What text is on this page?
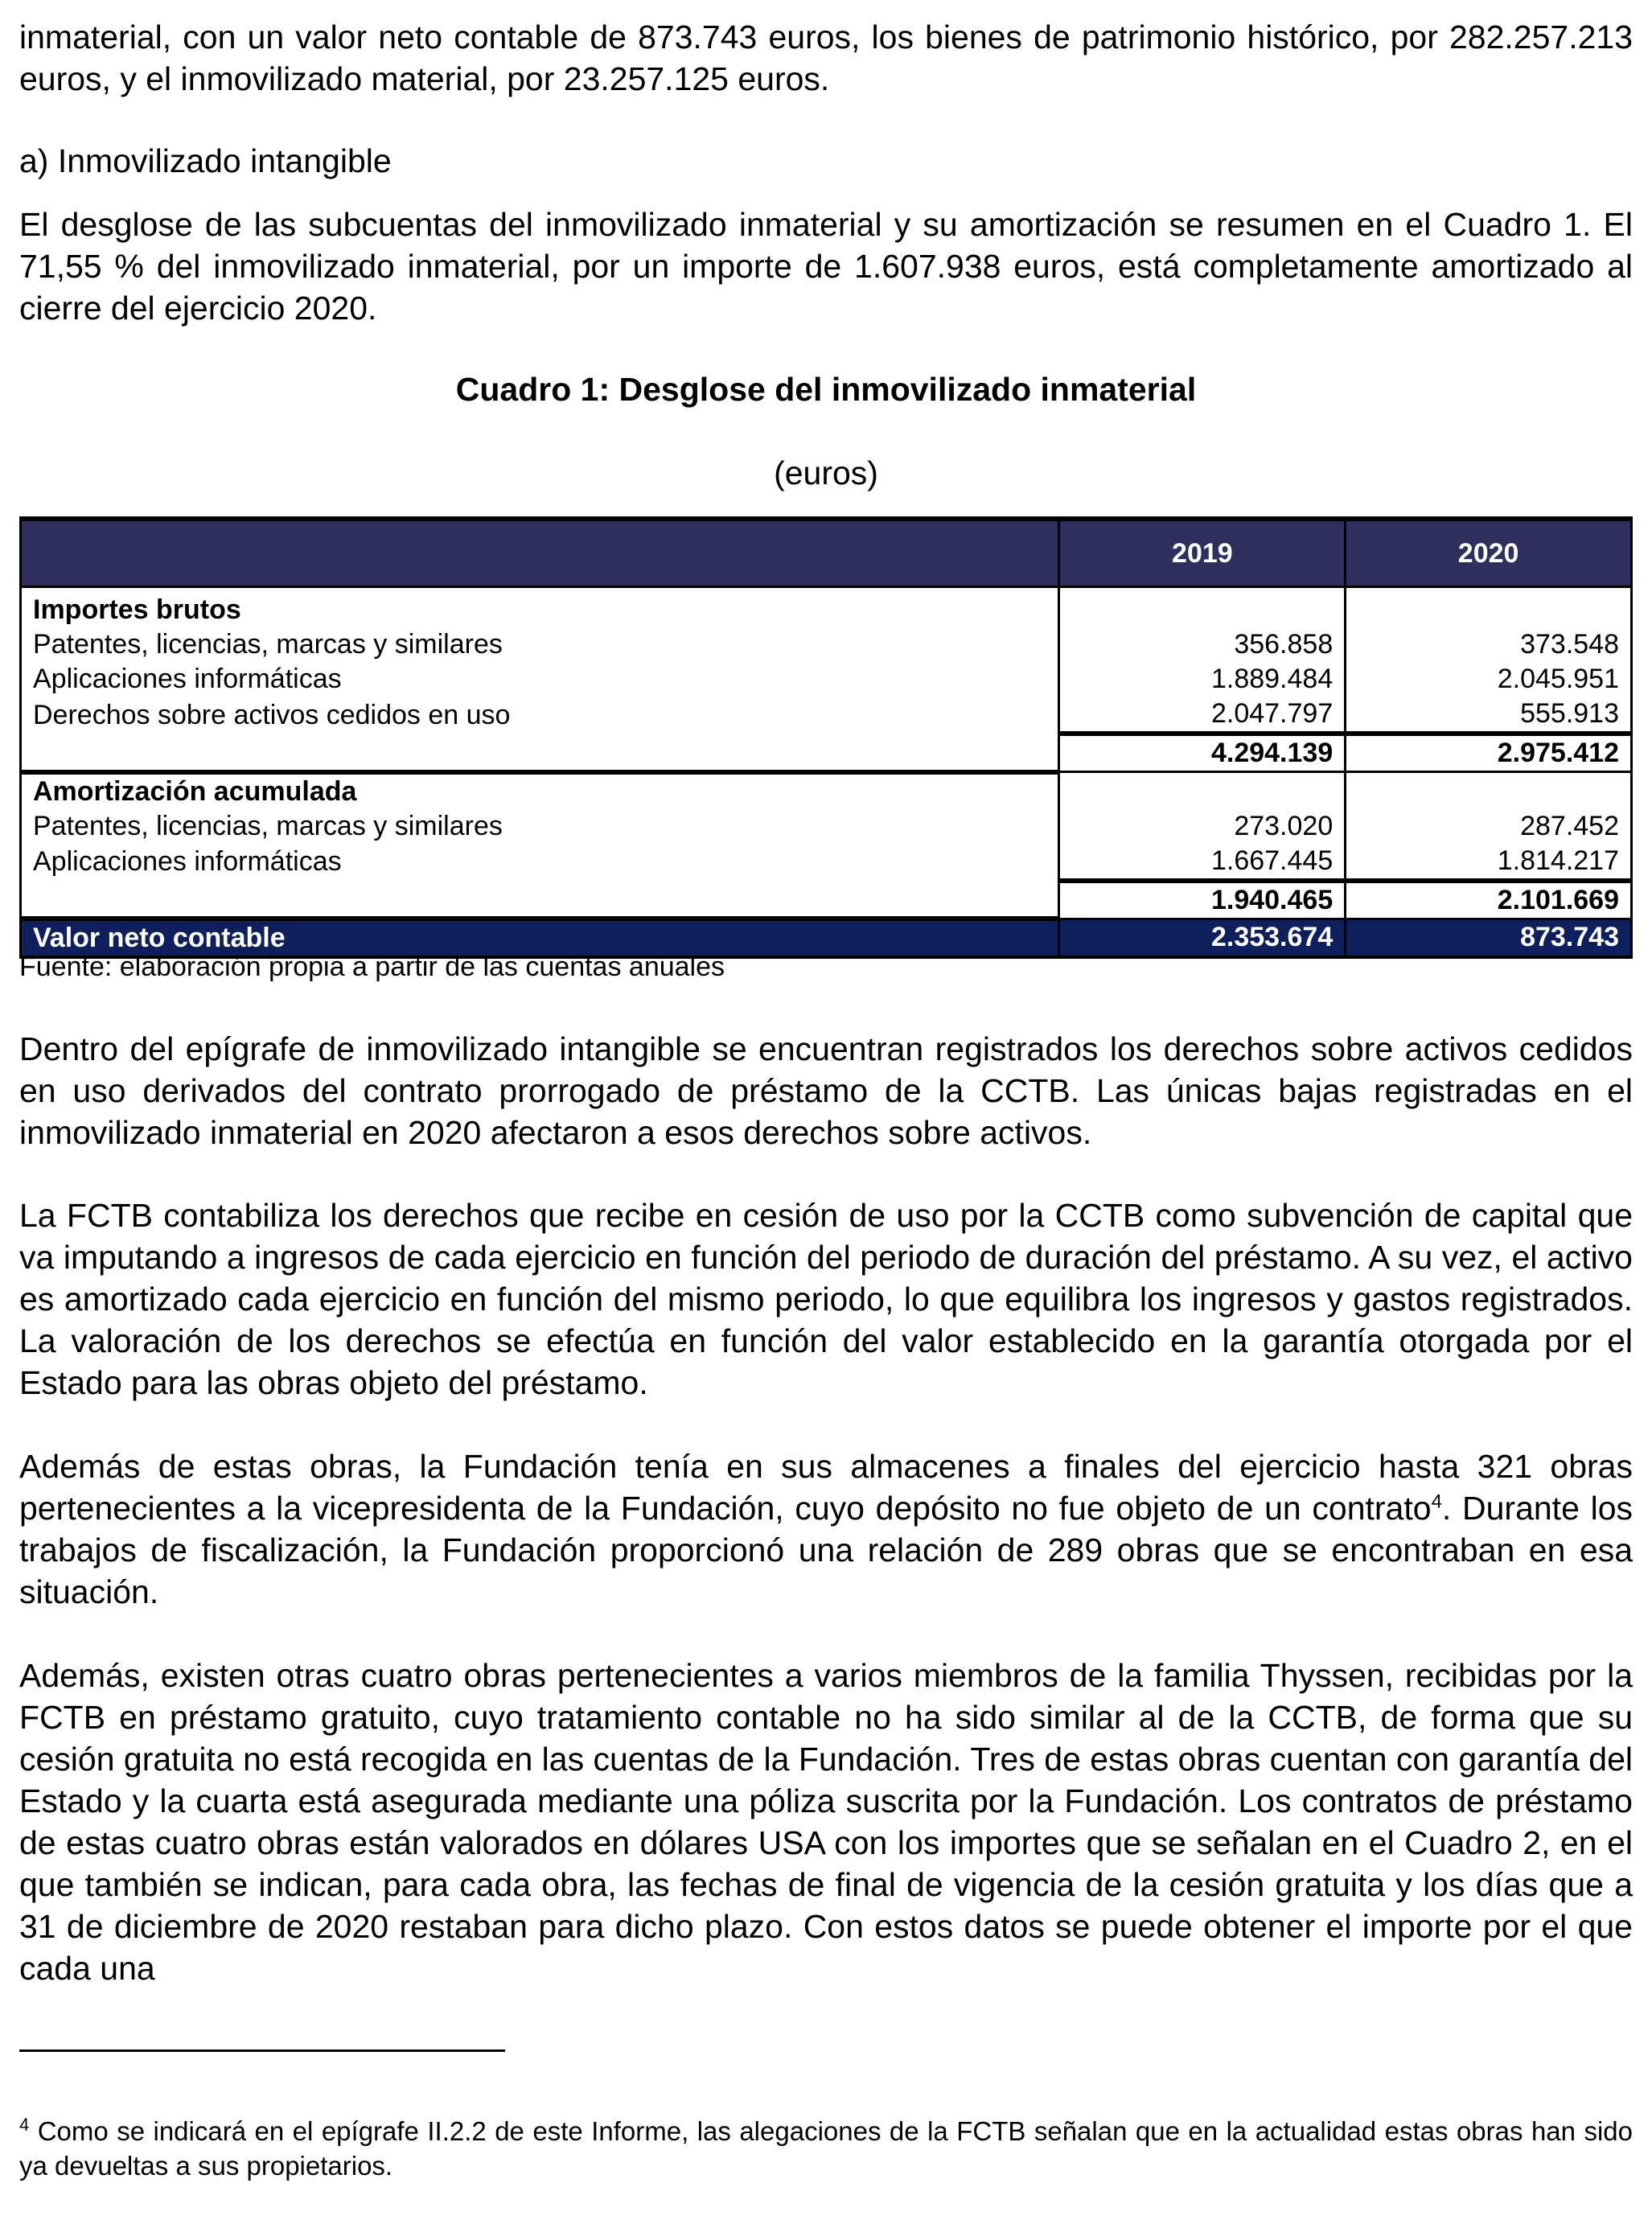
inmaterial, con un valor neto contable de 873.743 euros, los bienes de patrimonio histórico, por 282.257.213 euros, y el inmovilizado material, por 23.257.125 euros.

a) Inmovilizado intangible

El desglose de las subcuentas del inmovilizado inmaterial y su amortización se resumen en el Cuadro 1. El 71,55 % del inmovilizado inmaterial, por un importe de 1.607.938 euros, está completamente amortizado al cierre del ejercicio 2020.

Cuadro 1: Desglose del inmovilizado inmaterial

(euros)

	2019	2020
Importes brutos		
Patentes, licencias, marcas y similares	356.858	373.548
Aplicaciones informáticas	1.889.484	2.045.951
Derechos sobre activos cedidos en uso	2.047.797	555.913
	4.294.139	2.975.412
Amortización acumulada		
Patentes, licencias, marcas y similares	273.020	287.452
Aplicaciones informáticas	1.667.445	1.814.217
	1.940.465	2.101.669
Valor neto contable	2.353.674	873.743

Fuente: elaboración propia a partir de las cuentas anuales

Dentro del epígrafe de inmovilizado intangible se encuentran registrados los derechos sobre activos cedidos en uso derivados del contrato prorrogado de préstamo de la CCTB. Las únicas bajas registradas en el inmovilizado inmaterial en 2020 afectaron a esos derechos sobre activos.

La FCTB contabiliza los derechos que recibe en cesión de uso por la CCTB como subvención de capital que va imputando a ingresos de cada ejercicio en función del periodo de duración del préstamo. A su vez, el activo es amortizado cada ejercicio en función del mismo periodo, lo que equilibra los ingresos y gastos registrados. La valoración de los derechos se efectúa en función del valor establecido en la garantía otorgada por el Estado para las obras objeto del préstamo.

Además de estas obras, la Fundación tenía en sus almacenes a finales del ejercicio hasta 321 obras pertenecientes a la vicepresidenta de la Fundación, cuyo depósito no fue objeto de un contrato$^4$. Durante los trabajos de fiscalización, la Fundación proporcionó una relación de 289 obras que se encontraban en esa situación.

Además, existen otras cuatro obras pertenecientes a varios miembros de la familia Thyssen, recibidas por la FCTB en préstamo gratuito, cuyo tratamiento contable no ha sido similar al de la CCTB, de forma que su cesión gratuita no está recogida en las cuentas de la Fundación. Tres de estas obras cuentan con garantía del Estado y la cuarta está asegurada mediante una póliza suscrita por la Fundación. Los contratos de préstamo de estas cuatro obras están valorados en dólares USA con los importes que se señalan en el Cuadro 2, en el que también se indican, para cada obra, las fechas de final de vigencia de la cesión gratuita y los días que a 31 de diciembre de 2020 restaban para dicho plazo. Con estos datos se puede obtener el importe por el que cada una

$^4$ Como se indicará en el epígrafe II.2.2 de este Informe, las alegaciones de la FCTB señalan que en la actualidad estas obras han sido ya devueltas a sus propietarios.
